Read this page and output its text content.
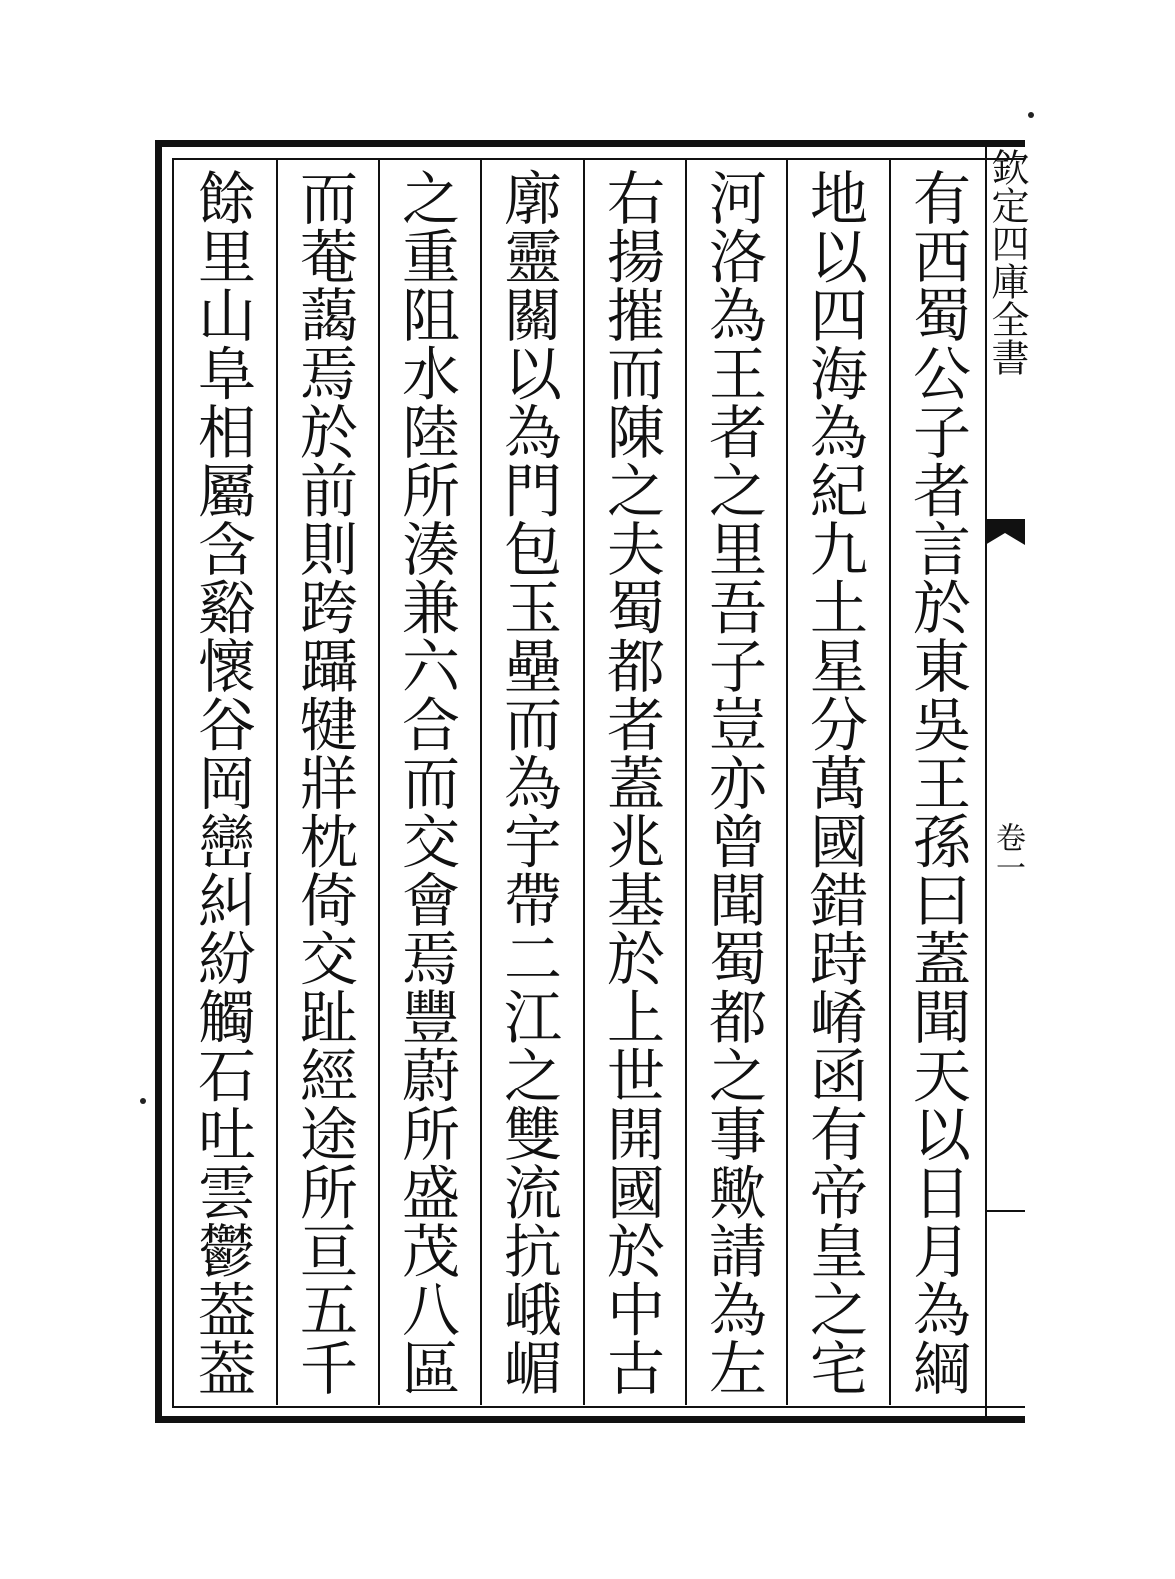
有西蜀公子者言於東吳王孫曰蓋聞天以日月為綱
地以四海為紀九土星分萬國錯跱崤函有帝皇之宅
河洛為王者之里吾子豈亦曾聞蜀都之事歟請為左
右揚摧而陳之夫蜀都者蓋兆基於上世開國於中古
廓靈關以為門包玉壘而為宇帶二江之雙流抗峨嵋
之重阻水陸所湊兼六合而交會焉豐蔚所盛茂八區
而菴藹焉於前則跨躡犍牂枕倚交趾經途所亘五千
餘里山阜相屬含谿懷谷岡巒糾紛觸石吐雲鬱葢葢	欽定四庫全書
卷一
